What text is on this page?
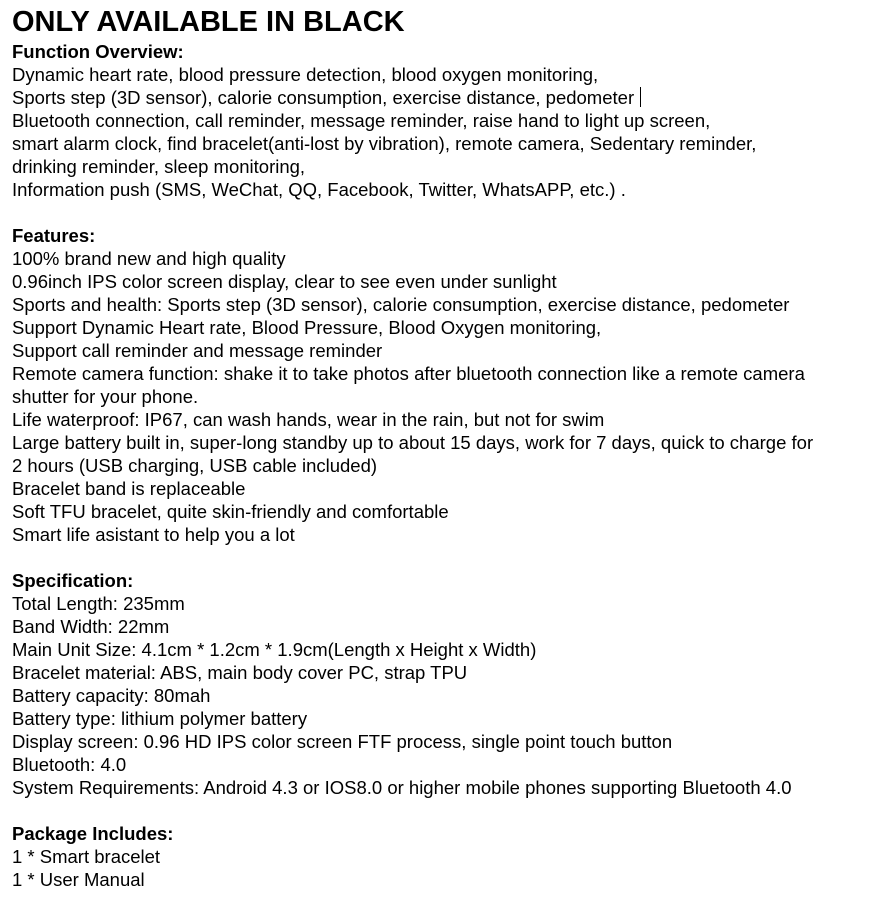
ONLY AVAILABLE IN BLACK

Function Overview:

Dynamic heart rate, blood pressure detection, blood oxygen monitoring,

Sports step (3D sensor), calorie consumption, exercise distance, pedometer

Bluetooth connection, call reminder, message reminder, raise hand to light up screen,

smart alarm clock, find bracelet(anti-lost by vibration), remote camera, Sedentary reminder,

drinking reminder, sleep monitoring,

Information push (SMS, WeChat, QQ, Facebook, Twitter, WhatsAPP, etc.) .

Features:

100% brand new and high quality

0.96inch IPS color screen display, clear to see even under sunlight

Sports and health: Sports step (3D sensor), calorie consumption, exercise distance, pedometer

Support Dynamic Heart rate, Blood Pressure, Blood Oxygen monitoring,

Support call reminder and message reminder

Remote camera function: shake it to take photos after bluetooth connection like a remote camera

shutter for your phone.

Life waterproof: IP67, can wash hands, wear in the rain, but not for swim

Large battery built in, super-long standby up to about 15 days, work for 7 days, quick to charge for

2 hours (USB charging, USB cable included)

Bracelet band is replaceable

Soft TFU bracelet, quite skin-friendly and comfortable

Smart life asistant to help you a lot

Specification:

Total Length: 235mm

Band Width: 22mm

Main Unit Size: 4.1cm * 1.2cm * 1.9cm(Length x Height x Width)

Bracelet material: ABS, main body cover PC, strap TPU

Battery capacity: 80mah

Battery type: lithium polymer battery

Display screen: 0.96 HD IPS color screen FTF process, single point touch button

Bluetooth: 4.0

System Requirements: Android 4.3 or IOS8.0 or higher mobile phones supporting Bluetooth 4.0

Package Includes:

1 * Smart bracelet

1 * User Manual
